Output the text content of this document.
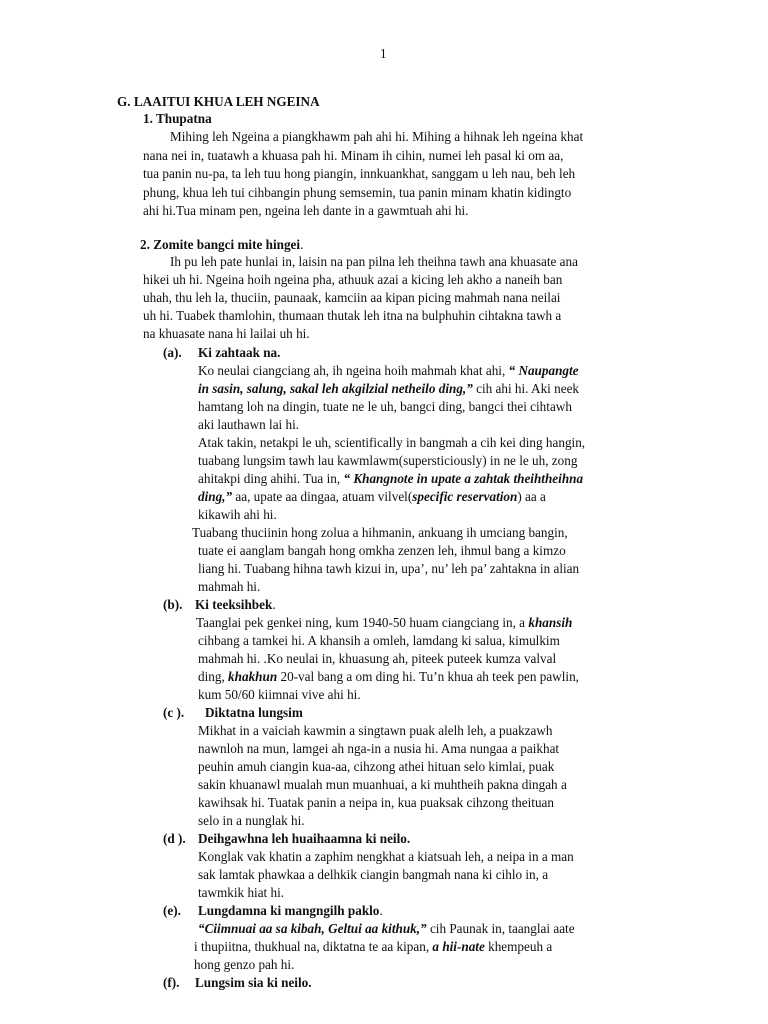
1
G. LAAITUI KHUA LEH NGEINA
1. Thupatna
Mihing leh Ngeina a piangkhawm pah ahi hi. Mihing a hihnak leh ngeina khat
nana nei in, tuatawh a khuasa pah hi. Minam ih cihin, numei leh pasal ki om aa,
tua panin nu-pa, ta leh tuu hong piangin, innkuankhat, sanggam u leh nau, beh leh
phung, khua leh tui cihbangin phung semsemin, tua panin minam khatin kidingto
ahi hi.Tua minam pen, ngeina leh dante in a gawmtuah ahi hi.
2. Zomite bangci mite hingei.
Ih pu leh pate hunlai in, laisin na pan pilna leh theihna tawh ana khuasate ana
hikei uh hi. Ngeina hoih ngeina pha, athuuk azai a kicing leh akho a naneih ban
uhah, thu leh la, thuciin, paunaak, kamciin aa kipan picing mahmah nana neilai
uh hi. Tuabek thamlohin, thumaan thutak leh itna na bulphuhin cihtakna tawh a
na khuasate nana hi lailai uh hi.
(a). Ki zahtaak na.
Ko neulai ciangciang ah, ih ngeina hoih mahmah khat ahi, “ Naupangte
in sasin, salung, sakal leh akgilzial netheilo ding,” cih ahi hi. Aki neek
hamtang loh na dingin, tuate ne le uh, bangci ding, bangci thei cihtawh
aki lauthawn lai hi.
Atak takin, netakpi le uh, scientifically in bangmah a cih kei ding hangin,
tuabang lungsim tawh lau kawmlawm(supersticiously) in ne le uh, zong
ahitakpi ding ahihi. Tua in, “ Khangnote in upate a zahtak theihtheihna
ding,” aa, upate aa dingaa, atuam vilvel(specific reservation) aa a
kikawih ahi hi.
Tuabang thuciinin hong zolua a hihmanin, ankuang ih umciang bangin,
tuate ei aanglam bangah hong omkha zenzen leh, ihmul bang a kimzo
liang hi. Tuabang hihna tawh kizui in, upa’, nu’ leh pa’ zahtakna in alian
mahmah hi.
(b). Ki teeksihbek.
Taanglai pek genkei ning, kum 1940-50 huam ciangciang in, a khansih
cihbang a tamkei hi. A khansih a omleh, lamdang ki salua, kimulkim
mahmah hi. .Ko neulai in, khuasung ah, piteek puteek kumza valval
ding, khakhun 20-val bang a om ding hi. Tu’n khua ah teek pen pawlin,
kum 50/60 kiimnai vive ahi hi.
(c ). Diktatna lungsim
Mikhat in a vaiciah kawmin a singtawn puak alelh leh, a puakzawh
nawnloh na mun, lamgei ah nga-in a nusia hi. Ama nungaa a paikhat
peuhin amuh ciangin kua-aa, cihzong athei hituan selo kimlai, puak
sakin khuanawl mualah mun muanhuai, a ki muhtheih pakna dingah a
kawihsak hi. Tuatak panin a neipa in, kua puaksak cihzong theituan
selo in a nunglak hi.
(d ). Deihgawhna leh huaihaamna ki neilo.
Konglak vak khatin a zaphim nengkhat a kiatsuah leh, a neipa in a man
sak lamtak phawkaa a delhkik ciangin bangmah nana ki cihlo in, a
tawmkik hiat hi.
(e). Lungdamna ki mangngilh paklo.
“Ciimnuai aa sa kibah, Geltui aa kithuk,” cih Paunak in, taanglai aate
i thupiitna, thukhual na, diktatna te aa kipan, a hii-nate khempeuh a
hong genzo pah hi.
(f). Lungsim sia ki neilo.
